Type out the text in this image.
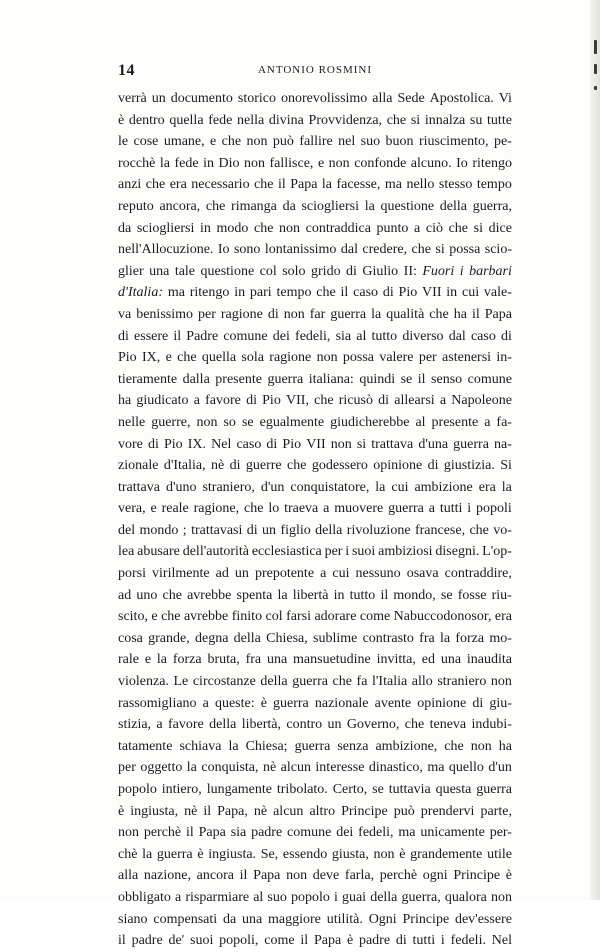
14	ANTONIO ROSMINI
verrà un documento storico onorevolissimo alla Sede Apostolica. Vi
è dentro quella fede nella divina Provvidenza, che si innalza su tutte
le cose umane, e che non può fallire nel suo buon riuscimento, pe-
rocchè la fede in Dio non fallisce, e non confonde alcuno. Io ritengo
anzi che era necessario che il Papa la facesse, ma nello stesso tempo
reputo ancora, che rimanga da sciogliersi la questione della guerra,
da sciogliersi in modo che non contraddica punto a ciò che si dice
nell'Allocuzione. Io sono lontanissimo dal credere, che si possa scio-
glier una tale questione col solo grido di Giulio II: Fuori i barbari
d'Italia: ma ritengo in pari tempo che il caso di Pio VII in cui vale-
va benissimo per ragione di non far guerra la qualità che ha il Papa
di essere il Padre comune dei fedeli, sia al tutto diverso dal caso di
Pio IX, e che quella sola ragione non possa valere per astenersi in-
tieramente dalla presente guerra italiana: quindi se il senso comune
ha giudicato a favore di Pio VII, che ricusò di allearsi a Napoleone
nelle guerre, non so se egualmente giudicherebbe al presente a fa-
vore di Pio IX. Nel caso di Pio VII non si trattava d'una guerra na-
zionale d'Italia, nè di guerre che godessero opinione di giustizia. Si
trattava d'uno straniero, d'un conquistatore, la cui ambizione era la
vera, e reale ragione, che lo traeva a muovere guerra a tutti i popoli
del mondo ; trattavasi di un figlio della rivoluzione francese, che vo-
lea abusare dell'autorità ecclesiastica per i suoi ambiziosi disegni. L'op-
porsi virilmente ad un prepotente a cui nessuno osava contraddire,
ad uno che avrebbe spenta la libertà in tutto il mondo, se fosse riu-
scito, e che avrebbe finito col farsi adorare come Nabuccodonosor, era
cosa grande, degna della Chiesa, sublime contrasto fra la forza mo-
rale e la forza bruta, fra una mansuetudine invitta, ed una inaudita
violenza. Le circostanze della guerra che fa l'Italia allo straniero non
rassomigliano a queste: è guerra nazionale avente opinione di giu-
stizia, a favore della libertà, contro un Governo, che teneva indubi-
tatamente schiava la Chiesa; guerra senza ambizione, che non ha
per oggetto la conquista, nè alcun interesse dinastico, ma quello d'un
popolo intiero, lungamente tribolato. Certo, se tuttavia questa guerra
è ingiusta, nè il Papa, nè alcun altro Principe può prendervi parte,
non perchè il Papa sia padre comune dei fedeli, ma unicamente per-
chè la guerra è ingiusta. Se, essendo giusta, non è grandemente utile
alla nazione, ancora il Papa non deve farla, perchè ogni Principe è
obbligato a risparmiare al suo popolo i guai della guerra, qualora non
siano compensati da una maggiore utilità. Ogni Principe dev'essere
il padre de' suoi popoli, come il Papa è padre di tutti i fedeli. Nel
